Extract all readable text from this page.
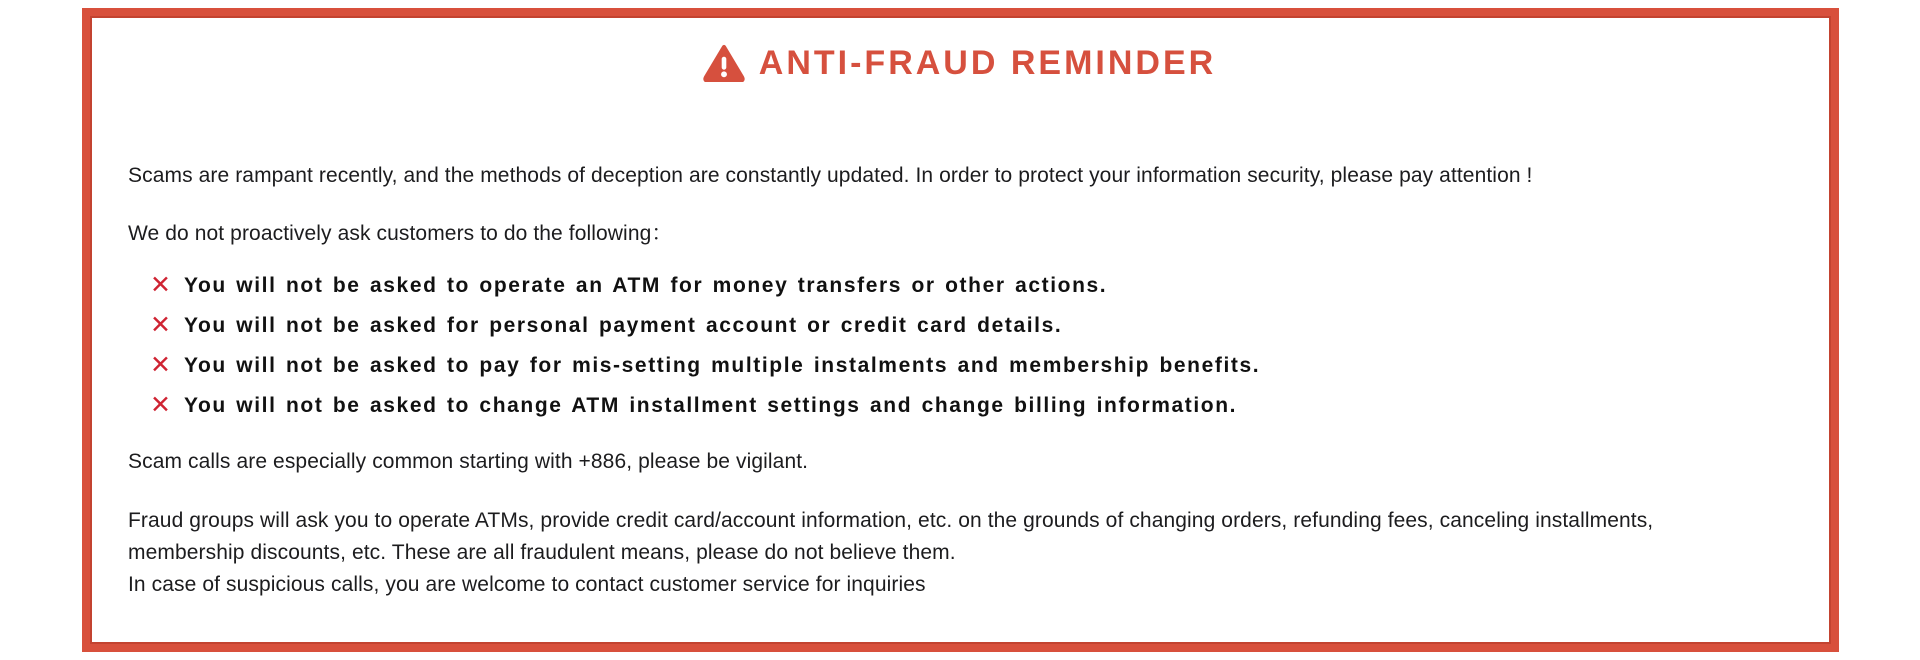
ANTI-FRAUD REMINDER

Scams are rampant recently, and the methods of deception are constantly updated. In order to protect your information security, please pay attention !

We do not proactively ask customers to do the following：

✕ You will not be asked to operate an ATM for money transfers or other actions.
✕ You will not be asked for personal payment account or credit card details.
✕ You will not be asked to pay for mis-setting multiple instalments and membership benefits.
✕ You will not be asked to change ATM installment settings and change billing information.

Scam calls are especially common starting with +886, please be vigilant.

Fraud groups will ask you to operate ATMs, provide credit card/account information, etc. on the grounds of changing orders, refunding fees, canceling installments,
membership discounts, etc. These are all fraudulent means, please do not believe them.
In case of suspicious calls, you are welcome to contact customer service for inquiries
